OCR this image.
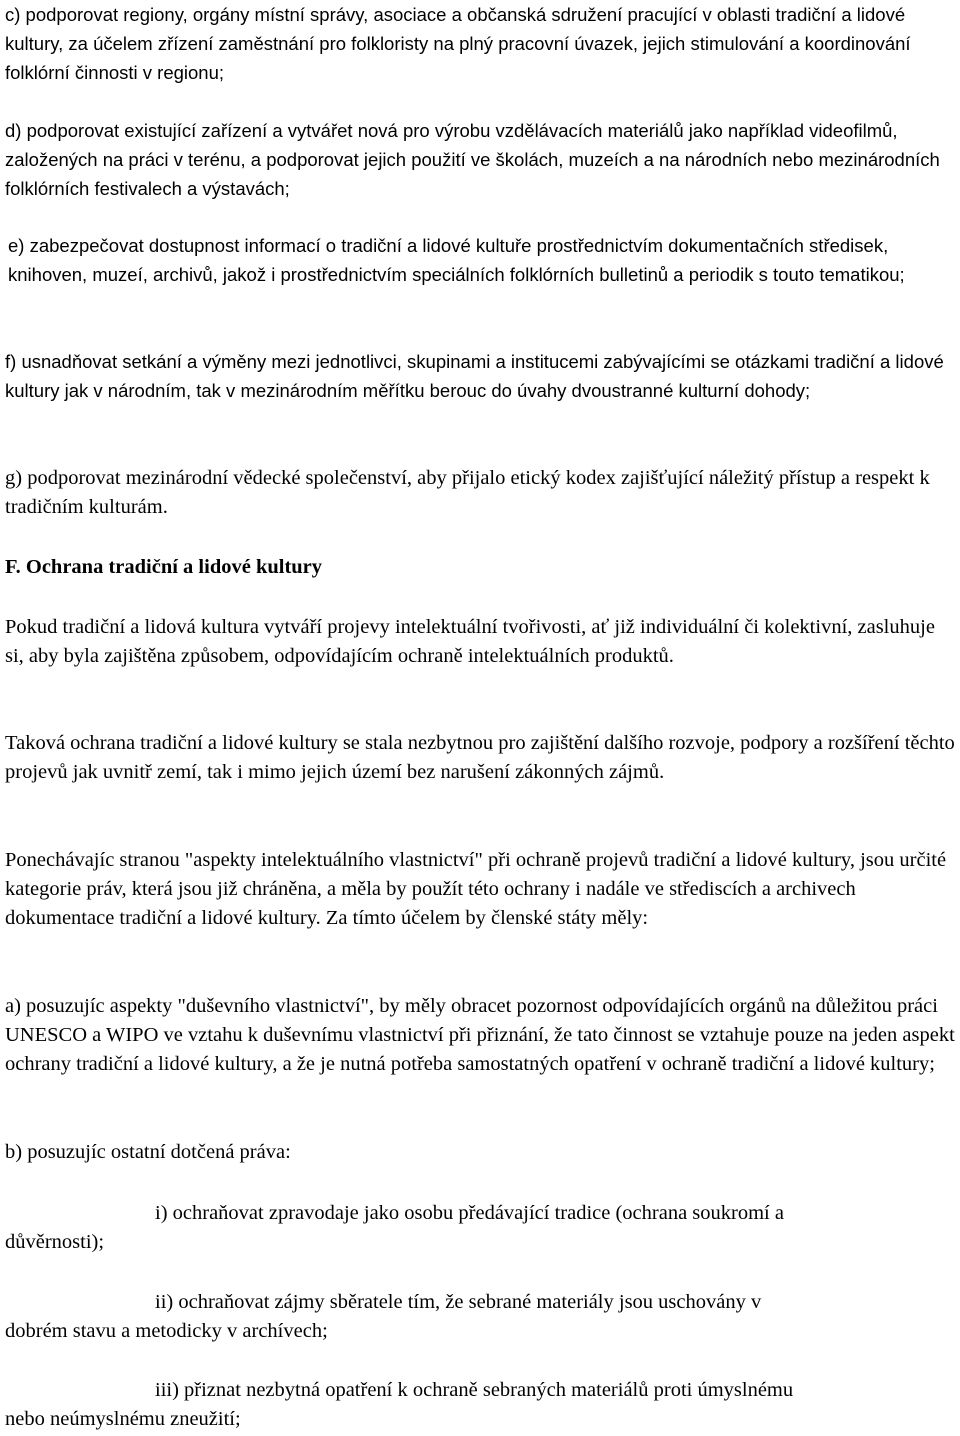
c) podporovat regiony, orgány místní správy, asociace a občanská sdružení pracující v oblasti tradiční a lidové kultury, za účelem zřízení zaměstnání pro folkloristy na plný pracovní úvazek, jejich stimulování a koordinování folklórní činnosti v regionu;

d) podporovat existující zařízení a vytvářet nová pro výrobu vzdělávacích materiálů jako například videofilmů, založených na práci v terénu, a podporovat jejich použití ve školách, muzeích a na národních nebo mezinárodních folklórních festivalech a výstavách;

e) zabezpečovat dostupnost informací o tradiční a lidové kultuře prostřednictvím dokumentačních středisek, knihoven, muzeí, archivů, jakož i prostřednictvím speciálních folklórních bulletinů a periodik s touto tematikou;

f) usnadňovat setkání a výměny mezi jednotlivci, skupinami a institucemi zabývajícími se otázkami tradiční a lidové kultury jak v národním, tak v mezinárodním měřítku berouc do úvahy dvoustranné kulturní dohody;

g) podporovat mezinárodní vědecké společenství, aby přijalo etický kodex zajišťující náležitý přístup a respekt k tradičním kulturám.

F. Ochrana tradiční a lidové kultury

Pokud tradiční a lidová kultura vytváří projevy intelektuální tvořivosti, ať již individuální či kolektivní, zasluhuje si, aby byla zajištěna způsobem, odpovídajícím ochraně intelektuálních produktů.

Taková ochrana tradiční a lidové kultury se stala nezbytnou pro zajištění dalšího rozvoje, podpory a rozšíření těchto projevů jak uvnitř zemí, tak i mimo jejich území bez narušení zákonných zájmů.

Ponechávajíc stranou "aspekty intelektuálního vlastnictví" při ochraně projevů tradiční a lidové kultury, jsou určité kategorie práv, která jsou již chráněna, a měla by použít této ochrany i nadále ve střediscích a archivech dokumentace tradiční a lidové kultury. Za tímto účelem by členské státy měly:

a) posuzujíc aspekty "duševního vlastnictví", by měly obracet pozornost odpovídajících orgánů na důležitou práci UNESCO a WIPO ve vztahu k duševnímu vlastnictví při přiznání, že tato činnost se vztahuje pouze na jeden aspekt ochrany tradiční a lidové kultury, a že je nutná potřeba samostatných opatření v ochraně tradiční a lidové kultury;

b) posuzujíc ostatní dotčená práva:

i) ochraňovat zpravodaje jako osobu předávající tradice (ochrana soukromí a

důvěrnosti);

ii) ochraňovat zájmy sběratele tím, že sebrané materiály jsou uschovány v

dobrém stavu a metodicky v archívech;

iii) přiznat nezbytná opatření k ochraně sebraných materiálů proti úmyslnému

nebo neúmyslnému zneužití;
